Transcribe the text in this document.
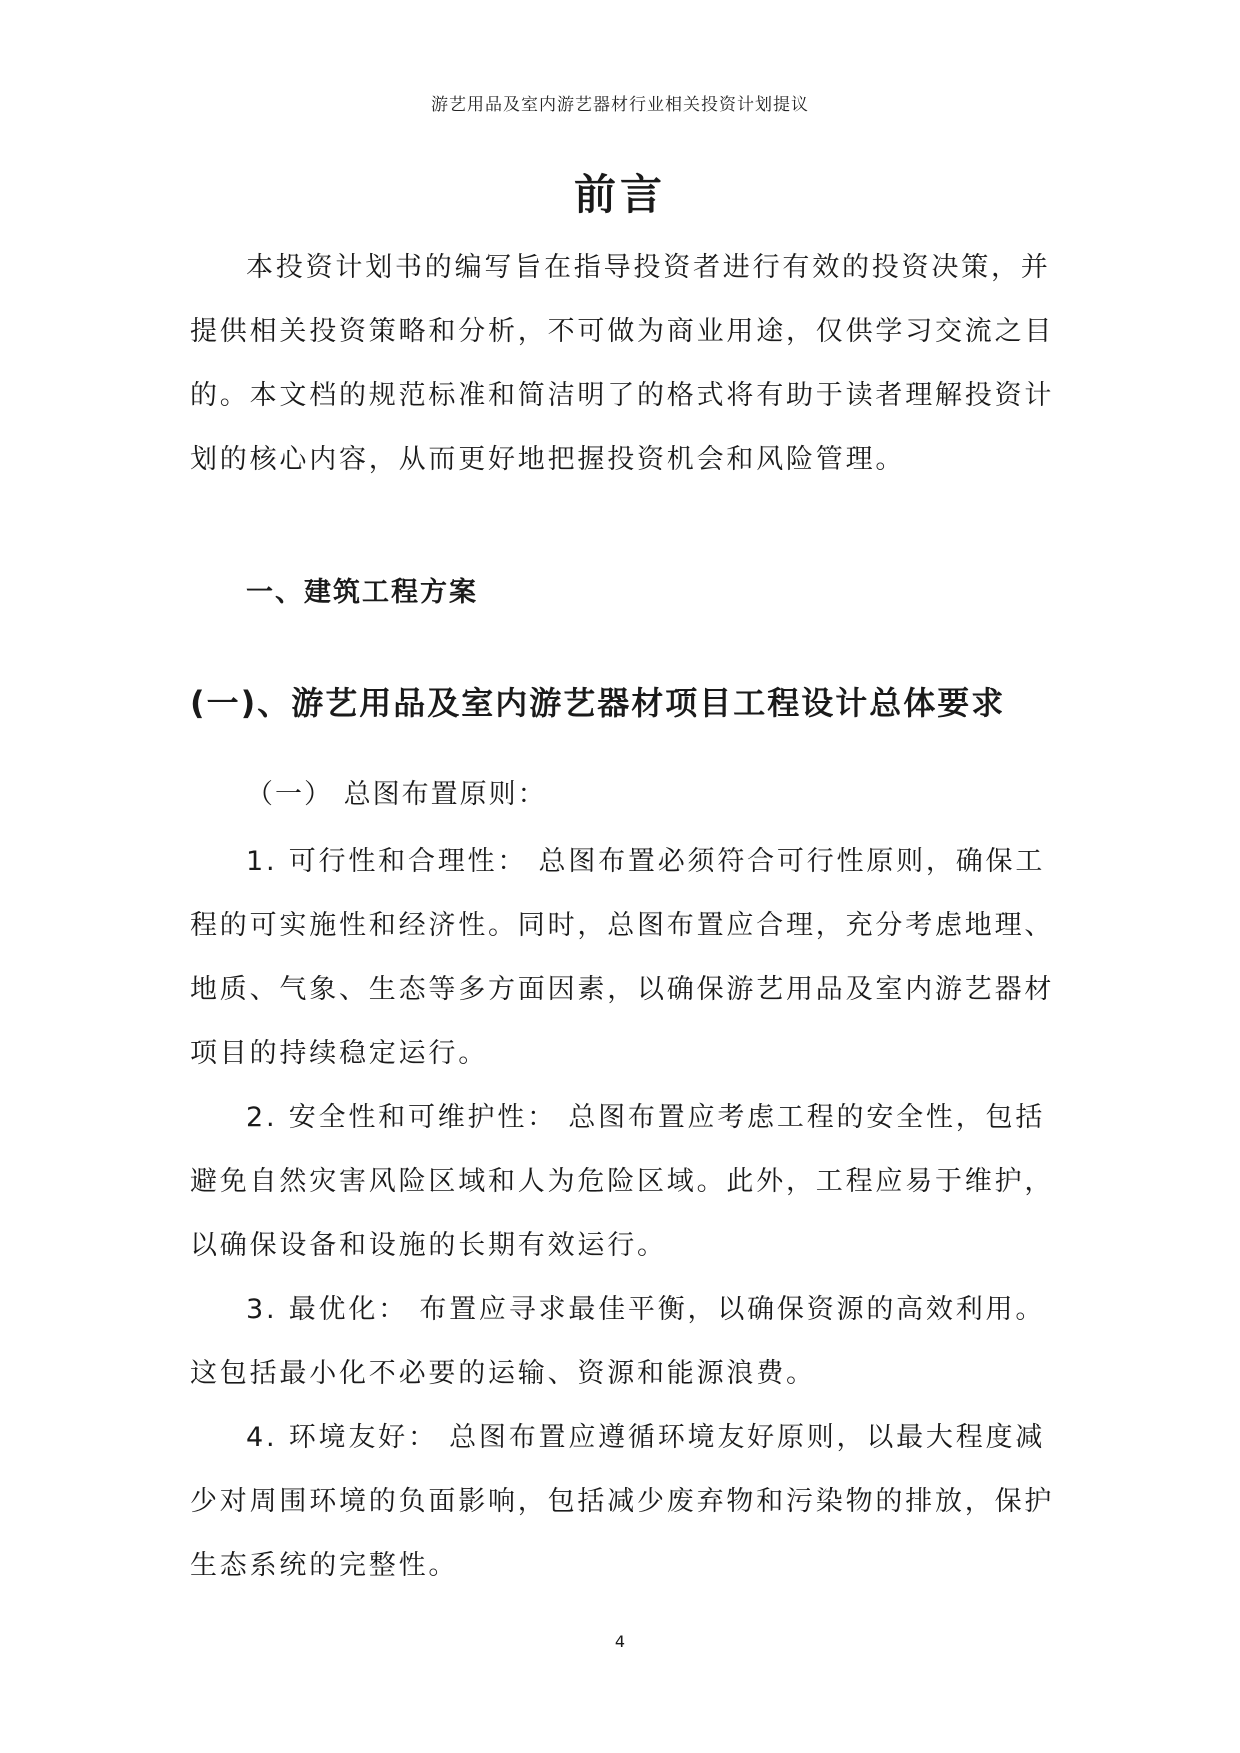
游艺用品及室内游艺器材行业相关投资计划提议
前言

本投资计划书的编写旨在指导投资者进行有效的投资决策，并提供相关投资策略和分析，不可做为商业用途，仅供学习交流之目的。本文档的规范标准和简洁明了的格式将有助于读者理解投资计划的核心内容，从而更好地把握投资机会和风险管理。

一、建筑工程方案
(一)、游艺用品及室内游艺器材项目工程设计总体要求
（一） 总图布置原则：

1. 可行性和合理性： 总图布置必须符合可行性原则，确保工程的可实施性和经济性。同时，总图布置应合理，充分考虑地理、地质、气象、生态等多方面因素，以确保游艺用品及室内游艺器材项目的持续稳定运行。

2. 安全性和可维护性： 总图布置应考虑工程的安全性，包括避免自然灾害风险区域和人为危险区域。此外，工程应易于维护，以确保设备和设施的长期有效运行。

3. 最优化： 布置应寻求最佳平衡，以确保资源的高效利用。这包括最小化不必要的运输、资源和能源浪费。

4. 环境友好： 总图布置应遵循环境友好原则，以最大程度减少对周围环境的负面影响，包括减少废弃物和污染物的排放，保护生态系统的完整性。

4
